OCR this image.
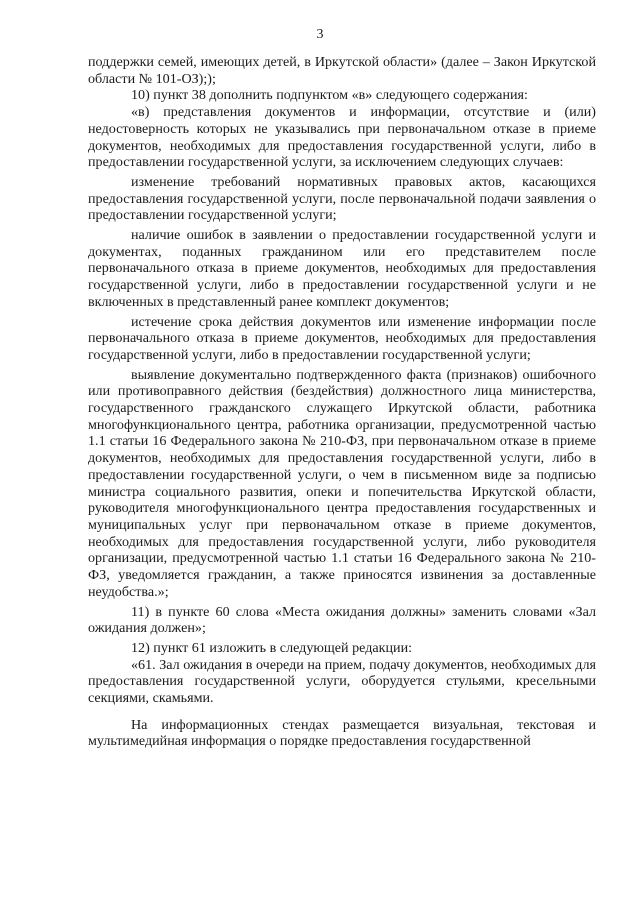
3

поддержки семей, имеющих детей, в Иркутской области» (далее – Закон Иркутской области № 101-ОЗ););

10) пункт 38 дополнить подпунктом «в» следующего содержания:

«в) представления документов и информации, отсутствие и (или) недостоверность которых не указывались при первоначальном отказе в приеме документов, необходимых для предоставления государственной услуги, либо в предоставлении государственной услуги, за исключением следующих случаев:

изменение требований нормативных правовых актов, касающихся предоставления государственной услуги, после первоначальной подачи заявления о предоставлении государственной услуги;

наличие ошибок в заявлении о предоставлении государственной услуги и документах, поданных гражданином или его представителем после первоначального отказа в приеме документов, необходимых для предоставления государственной услуги, либо в предоставлении государственной услуги и не включенных в представленный ранее комплект документов;

истечение срока действия документов или изменение информации после первоначального отказа в приеме документов, необходимых для предоставления государственной услуги, либо в предоставлении государственной услуги;

выявление документально подтвержденного факта (признаков) ошибочного или противоправного действия (бездействия) должностного лица министерства, государственного гражданского служащего Иркутской области, работника многофункционального центра, работника организации, предусмотренной частью 1.1 статьи 16 Федерального закона № 210-ФЗ, при первоначальном отказе в приеме документов, необходимых для предоставления государственной услуги, либо в предоставлении государственной услуги, о чем в письменном виде за подписью министра социального развития, опеки и попечительства Иркутской области, руководителя многофункционального центра предоставления государственных и муниципальных услуг при первоначальном отказе в приеме документов, необходимых для предоставления государственной услуги, либо руководителя организации, предусмотренной частью 1.1 статьи 16 Федерального закона № 210-ФЗ, уведомляется гражданин, а также приносятся извинения за доставленные неудобства.»;

11) в пункте 60 слова «Места ожидания должны» заменить словами «Зал ожидания должен»;

12) пункт 61 изложить в следующей редакции:

«61. Зал ожидания в очереди на прием, подачу документов, необходимых для предоставления государственной услуги, оборудуется стульями, кресельными секциями, скамьями.

На информационных стендах размещается визуальная, текстовая и мультимедийная информация о порядке предоставления государственной
